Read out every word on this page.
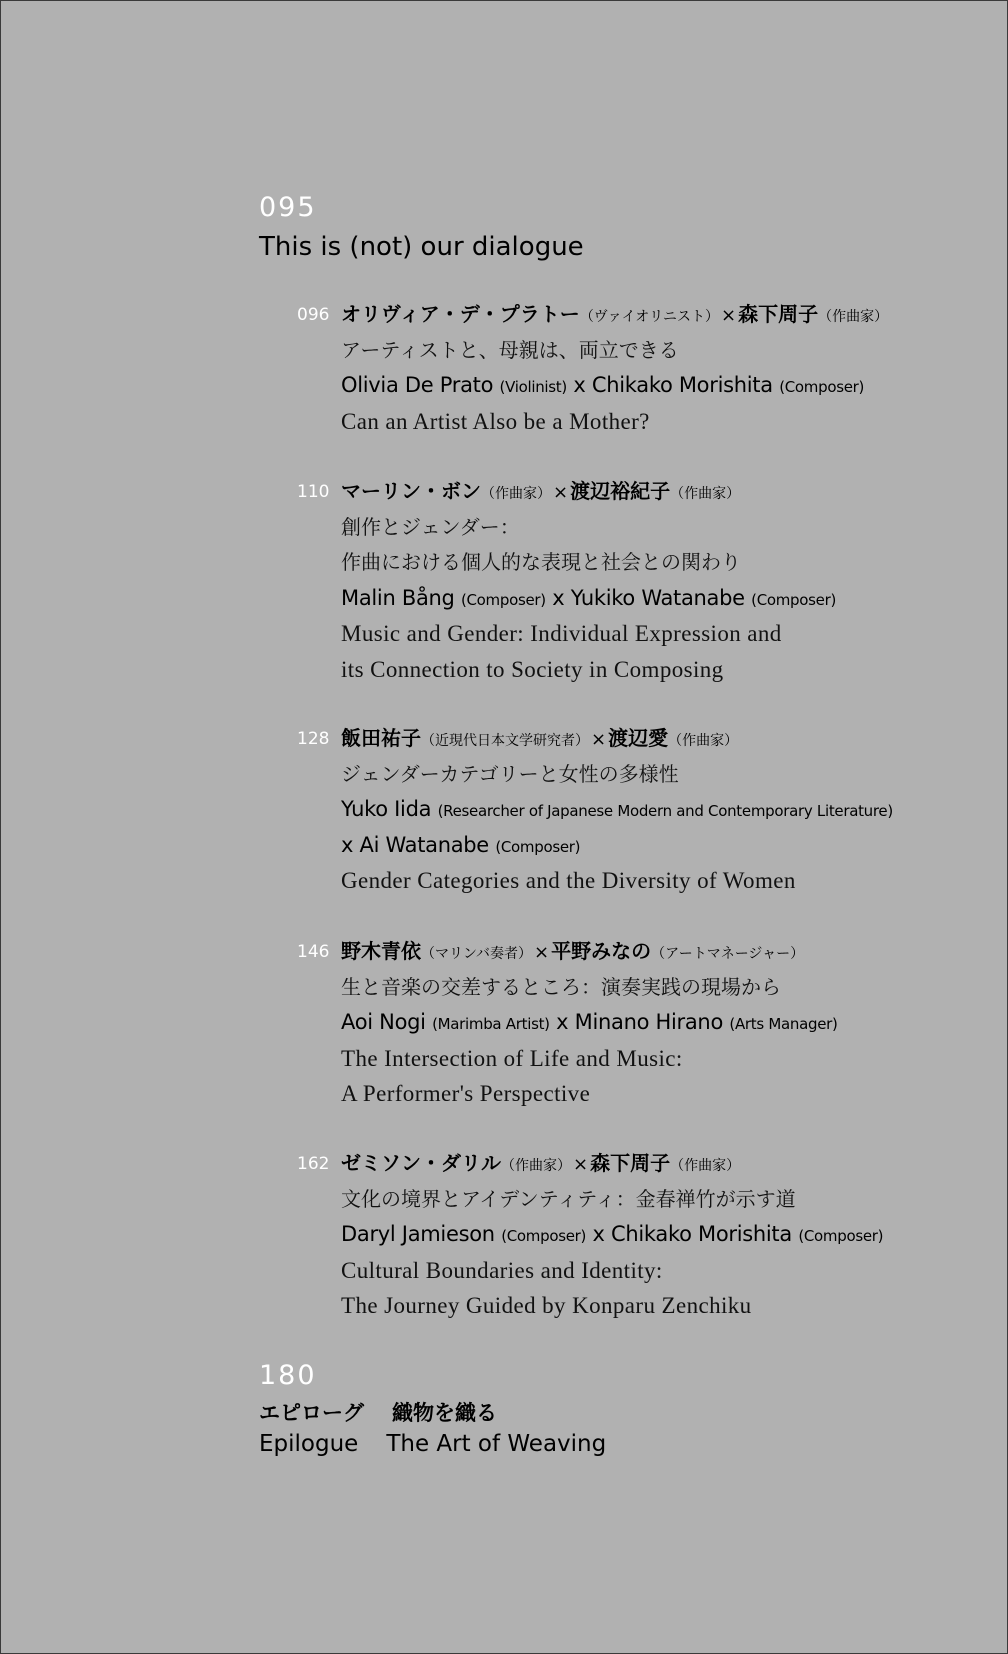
095
This is (not) our dialogue
096 オリヴィア・デ・プラトー（ヴァイオリニスト） × 森下周子（作曲家）
アーティストと、母親は、両立できる
Olivia De Prato (Violinist) x Chikako Morishita (Composer)
Can an Artist Also be a Mother?
110 マーリン・ボン（作曲家） × 渡辺裕紀子（作曲家）
創作とジェンダー：
作曲における個人的な表現と社会との関わり
Malin Bång (Composer) x Yukiko Watanabe (Composer)
Music and Gender: Individual Expression and
its Connection to Society in Composing
128 飯田祐子（近現代日本文学研究者） × 渡辺愛（作曲家）
ジェンダーカテゴリーと女性の多様性
Yuko Iida (Researcher of Japanese Modern and Contemporary Literature)
x Ai Watanabe (Composer)
Gender Categories and the Diversity of Women
146 野木青依（マリンバ奏者） × 平野みなの（アートマネージャー）
生と音楽の交差するところ：演奏実践の現場から
Aoi Nogi (Marimba Artist) x Minano Hirano (Arts Manager)
The Intersection of Life and Music:
A Performer's Perspective
162 ゼミソン・ダリル（作曲家） × 森下周子（作曲家）
文化の境界とアイデンティティ：金春禅竹が示す道
Daryl Jamieson (Composer) x Chikako Morishita (Composer)
Cultural Boundaries and Identity:
The Journey Guided by Konparu Zenchiku
180
エピローグ 織物を織る
Epilogue The Art of Weaving
